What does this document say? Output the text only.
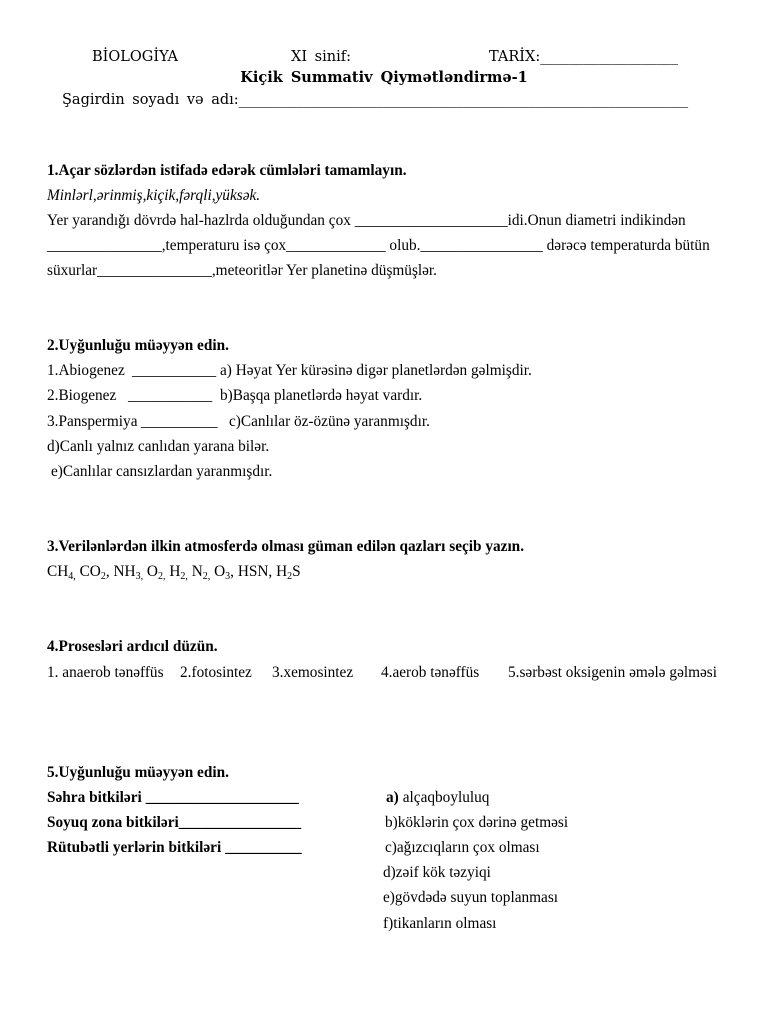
BİOLOGİYA	XI sinif:	TARİX:___________________
Kiçik Summativ Qiymətləndirmə-1
Şagirdin soyadı və adı:______________________________________________________________
1.Açar sözlərdən istifadə edərək cümlələri tamamlayın.
Minlərl,ərinmiş,kiçik,fərqli,yüksək.
Yer yarandığı dövrdə hal-hazlrda olduğundan çox ____________________idi.Onun diametri indikindən
_______________,temperaturu isə çox_____________ olub.________________ dərəcə temperaturda bütün
süxurlar_______________,meteoritlər Yer planetinə düşmüşlər.
2.Uyğunluğu müəyyən edin.
1.Abiogenez ___________ a) Həyat Yer kürəsinə digər planetlərdən gəlmişdir.
2.Biogenez ___________ b)Başqa planetlərdə həyat vardır.
3.Panspermiya __________ c)Canlılar öz-özünə yaranmışdır.
d)Canlı yalnız canlıdan yarana bilər.
e)Canlılar cansızlardan yaranmışdır.
3.Verilənlərdən ilkin atmosferdə olması güman edilən qazları seçib yazın.
$CH_{4,}$ $CO_2$, $NH_{3,}$ $O_{2,}$ $H_{2,}$ $N_{2,}$ $O_3$, HSN, $H_2S$
4.Prosesləri ardıcıl düzün.
1. anaerob tənəffüs 2.fotosintez 3.xemosintez 4.aerob tənəffüs 5.sərbəst oksigenin əmələ gəlməsi
5.Uyğunluğu müəyyən edin.
Səhra bitkiləri ____________________	a) alçaqboyluluq
Soyuq zona bitkiləri________________	b)köklərin çox dərinə getməsi
Rütubətli yerlərin bitkiləri __________	c)ağızcıqların çox olması
d)zəif kök təzyiqi
e)gövdədə suyun toplanması
f)tikanların olması
